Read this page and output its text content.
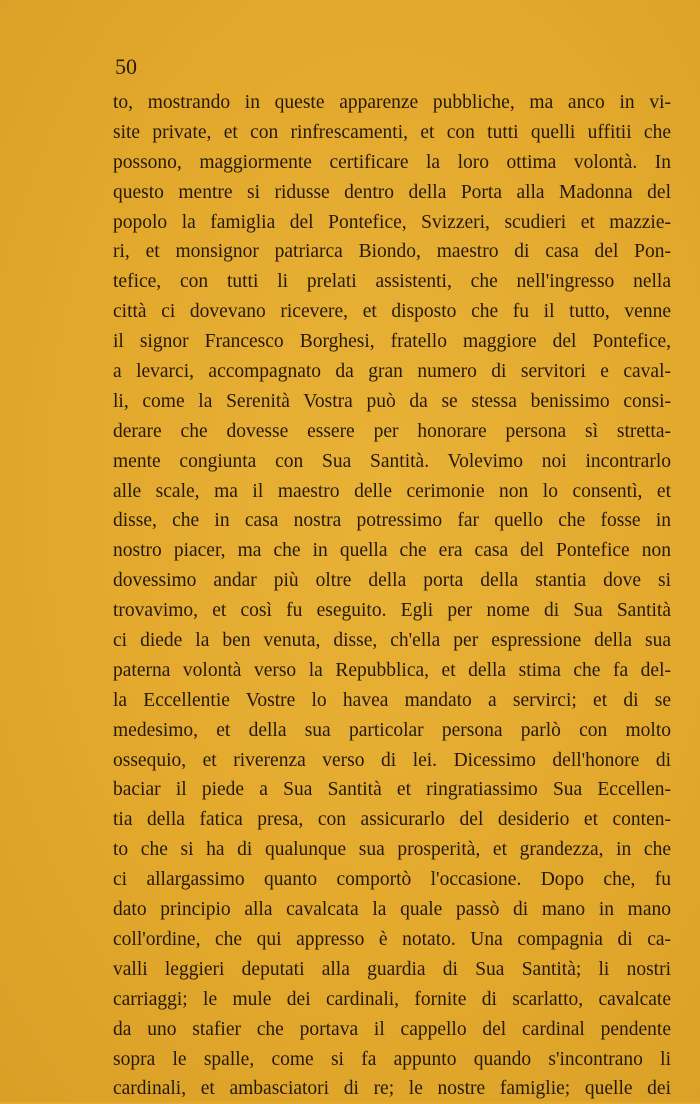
50
to, mostrando in queste apparenze pubbliche, ma anco in vi-
site private, et con rinfrescamenti, et con tutti quelli uffitii che
possono, maggiormente certificare la loro ottima volontà. In
questo mentre si ridusse dentro della Porta alla Madonna del
popolo la famiglia del Pontefice, Svizzeri, scudieri et mazzie-
ri, et monsignor patriarca Biondo, maestro di casa del Pon-
tefice, con tutti li prelati assistenti, che nell'ingresso nella
città ci dovevano ricevere, et disposto che fu il tutto, venne
il signor Francesco Borghesi, fratello maggiore del Pontefice,
a levarci, accompagnato da gran numero di servitori e caval-
li, come la Serenità Vostra può da se stessa benissimo consi-
derare che dovesse essere per honorare persona sì stretta-
mente congiunta con Sua Santità. Volevimo noi incontrarlo
alle scale, ma il maestro delle cerimonie non lo consentì, et
disse, che in casa nostra potressimo far quello che fosse in
nostro piacer, ma che in quella che era casa del Pontefice non
dovessimo andar più oltre della porta della stantia dove si
trovavimo, et così fu eseguito. Egli per nome di Sua Santità
ci diede la ben venuta, disse, ch'ella per espressione della sua
paterna volontà verso la Repubblica, et della stima che fa del-
la Eccellentie Vostre lo havea mandato a servirci; et di se
medesimo, et della sua particolar persona parlò con molto
ossequio, et riverenza verso di lei. Dicessimo dell'honore di
baciar il piede a Sua Santità et ringratiassimo Sua Eccellen-
tia della fatica presa, con assicurarlo del desiderio et conten-
to che si ha di qualunque sua prosperità, et grandezza, in che
ci allargassimo quanto comportò l'occasione. Dopo che, fu
dato principio alla cavalcata la quale passò di mano in mano
coll'ordine, che qui appresso è notato. Una compagnia di ca-
valli leggieri deputati alla guardia di Sua Santità; li nostri
carriaggi; le mule dei cardinali, fornite di scarlatto, cavalcate
da uno stafier che portava il cappello del cardinal pendente
sopra le spalle, come si fa appunto quando s'incontrano li
cardinali, et ambasciatori di re; le nostre famiglie; quelle dei
